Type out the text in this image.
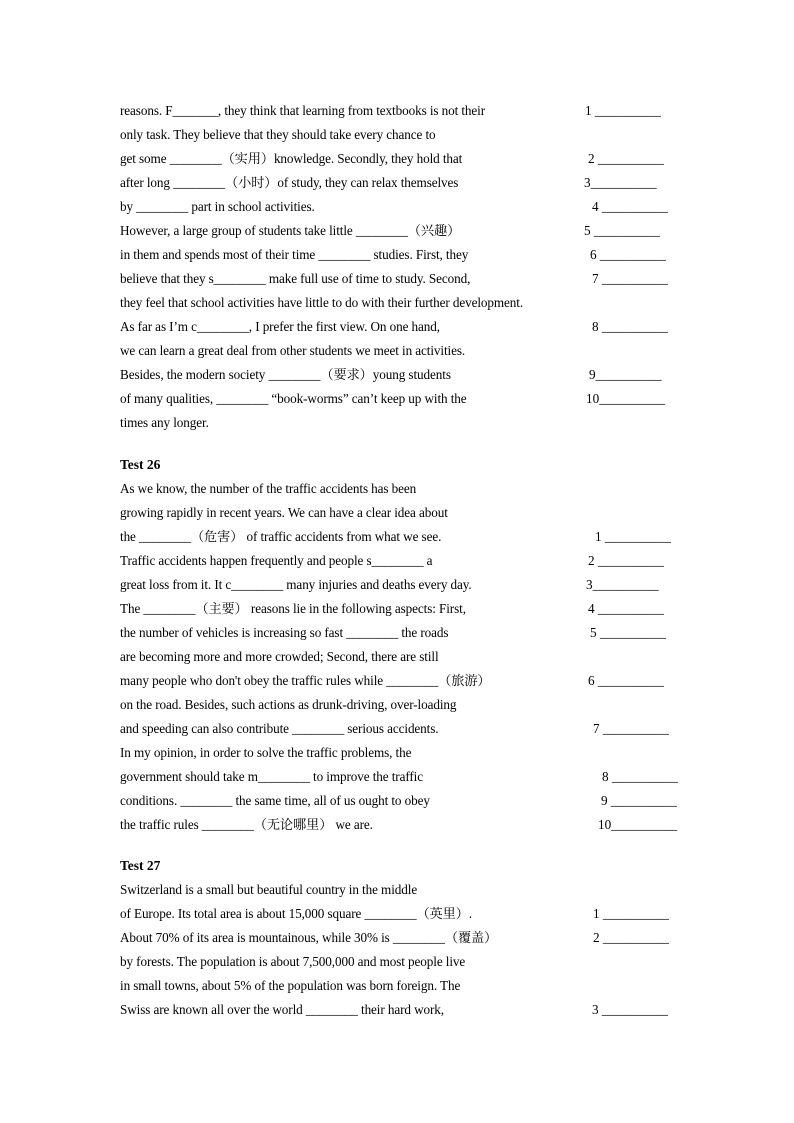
reasons. F_______, they think that learning from textbooks is not their	1 __________
only task. They believe that they should take every chance to
get some ________（实用）knowledge. Secondly, they hold that	2 __________
after long ________（小时）of study, they can relax themselves	3__________
by ________ part in school activities.	4 __________
However, a large group of students take little ________（兴趣）	5 __________
in them and spends most of their time ________ studies. First, they	6 __________
believe that they s________ make full use of time to study. Second,	7 __________
they feel that school activities have little to do with their further development.
As far as I’m c________, I prefer the first view. On one hand,	8 __________
we can learn a great deal from other students we meet in activities.
Besides, the modern society ________（要求）young students	9__________
of many qualities, ________ “book-worms” can’t keep up with the	10__________
times any longer.
Test 26
As we know, the number of the traffic accidents has been
growing rapidly in recent years. We can have a clear idea about
the ________（危害） of traffic accidents from what we see.	1 __________
Traffic accidents happen frequently and people s________ a	2 __________
great loss from it. It c________ many injuries and deaths every day.	3__________
The ________（主要） reasons lie in the following aspects: First,	4 __________
the number of vehicles is increasing so fast ________ the roads	5 __________
are becoming more and more crowded; Second, there are still
many people who don't obey the traffic rules while ________（旅游）	6 __________
on the road. Besides, such actions as drunk-driving, over-loading
and speeding can also contribute ________ serious accidents.	7 __________
In my opinion, in order to solve the traffic problems, the
government should take m________ to improve the traffic	8 __________
conditions. ________ the same time, all of us ought to obey	9 __________
the traffic rules ________（无论哪里） we are.	10__________
Test 27
Switzerland is a small but beautiful country in the middle
of Europe. Its total area is about 15,000 square ________（英里）.	1 __________
About 70% of its area is mountainous, while 30% is ________（覆盖）	2 __________
by forests. The population is about 7,500,000 and most people live
in small towns, about 5% of the population was born foreign. The
Swiss are known all over the world ________ their hard work,	3 __________
